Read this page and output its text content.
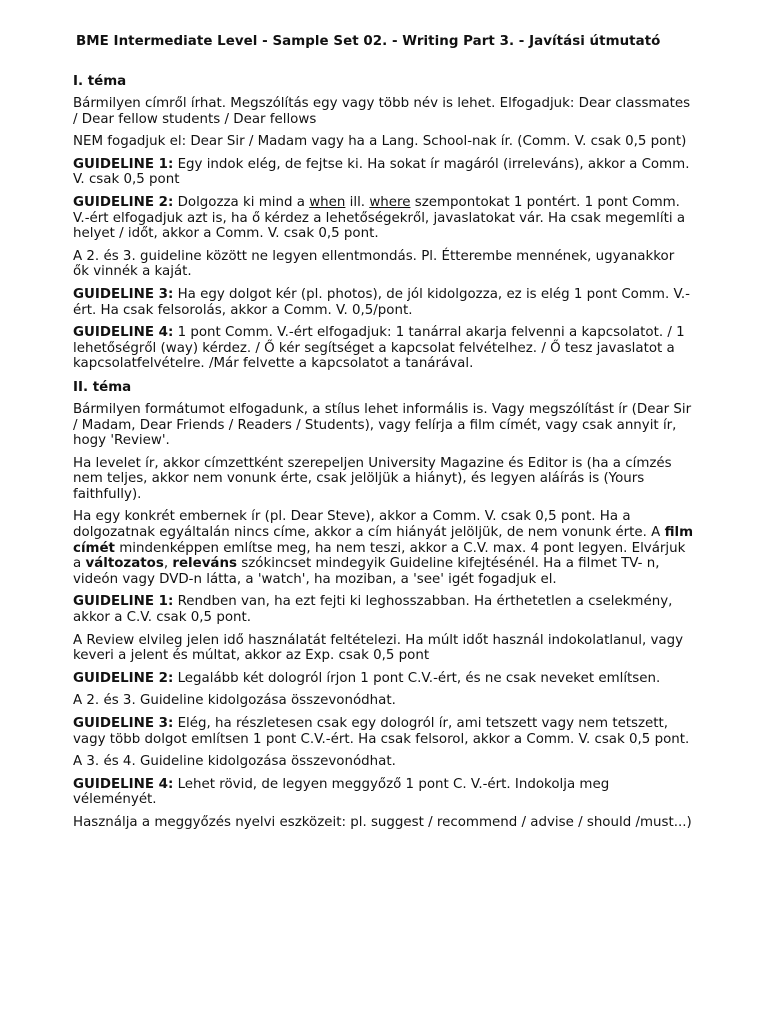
BME Intermediate Level - Sample Set 02. - Writing Part 3. - Javítási útmutató
I. téma

Bármilyen címről írhat. Megszólítás egy vagy több név is lehet. Elfogadjuk: Dear classmates / Dear fellow students / Dear fellows

NEM fogadjuk el: Dear Sir / Madam vagy ha a Lang. School-nak ír. (Comm. V. csak 0,5 pont)

GUIDELINE 1: Egy indok elég, de fejtse ki. Ha sokat ír magáról (irreleváns), akkor a Comm. V. csak 0,5 pont

GUIDELINE 2: Dolgozza ki mind a when ill. where szempontokat 1 pontért. 1 pont Comm. V.-ért elfogadjuk azt is, ha ő kérdez a lehetőségekről, javaslatokat vár. Ha csak megemlíti a helyet / időt, akkor a Comm. V. csak 0,5 pont.

A 2. és 3. guideline között ne legyen ellentmondás. Pl. Étterembe mennének, ugyanakkor ők vinnék a kaját.

GUIDELINE 3: Ha egy dolgot kér (pl. photos), de jól kidolgozza, ez is elég 1 pont Comm. V.-ért. Ha csak felsorolás, akkor a Comm. V. 0,5/pont.

GUIDELINE 4: 1 pont Comm. V.-ért elfogadjuk: 1 tanárral akarja felvenni a kapcsolatot. / 1 lehetőségről (way) kérdez. / Ő kér segítséget a kapcsolat felvételhez. / Ő tesz javaslatot a kapcsolatfelvételre. /Már felvette a kapcsolatot a tanárával.

II. téma

Bármilyen formátumot elfogadunk, a stílus lehet informális is. Vagy megszólítást ír (Dear Sir / Madam, Dear Friends / Readers / Students), vagy felírja a film címét, vagy csak annyit ír, hogy 'Review'.

Ha levelet ír, akkor címzettként szerepeljen University Magazine és Editor is (ha a címzés nem teljes, akkor nem vonunk érte, csak jelöljük a hiányt), és legyen aláírás is (Yours faithfully).

Ha egy konkrét embernek ír (pl. Dear Steve), akkor a Comm. V. csak 0,5 pont. Ha a dolgozatnak egyáltalán nincs címe, akkor a cím hiányát jelöljük, de nem vonunk érte. A film címét mindenképpen említse meg, ha nem teszi, akkor a C.V. max. 4 pont legyen. Elvárjuk a változatos, releváns szókincset mindegyik Guideline kifejtésénél. Ha a filmet TV- n, videón vagy DVD-n látta, a 'watch', ha moziban, a 'see' igét fogadjuk el.

GUIDELINE 1: Rendben van, ha ezt fejti ki leghosszabban. Ha érthetetlen a cselekmény, akkor a C.V. csak 0,5 pont.

A Review elvileg jelen idő használatát feltételezi. Ha múlt időt használ indokolatlanul, vagy keveri a jelent és múltat, akkor az Exp. csak 0,5 pont

GUIDELINE 2: Legalább két dologról írjon 1 pont C.V.-ért, és ne csak neveket említsen.

A 2. és 3. Guideline kidolgozása összevonódhat.

GUIDELINE 3: Elég, ha részletesen csak egy dologról ír, ami tetszett vagy nem tetszett, vagy több dolgot említsen 1 pont C.V.-ért. Ha csak felsorol, akkor a Comm. V. csak 0,5 pont.

A 3. és 4. Guideline kidolgozása összevonódhat.

GUIDELINE 4: Lehet rövid, de legyen meggyőző 1 pont C. V.-ért. Indokolja meg véleményét.

Használja a meggyőzés nyelvi eszközeit: pl. suggest / recommend / advise / should /must...)
